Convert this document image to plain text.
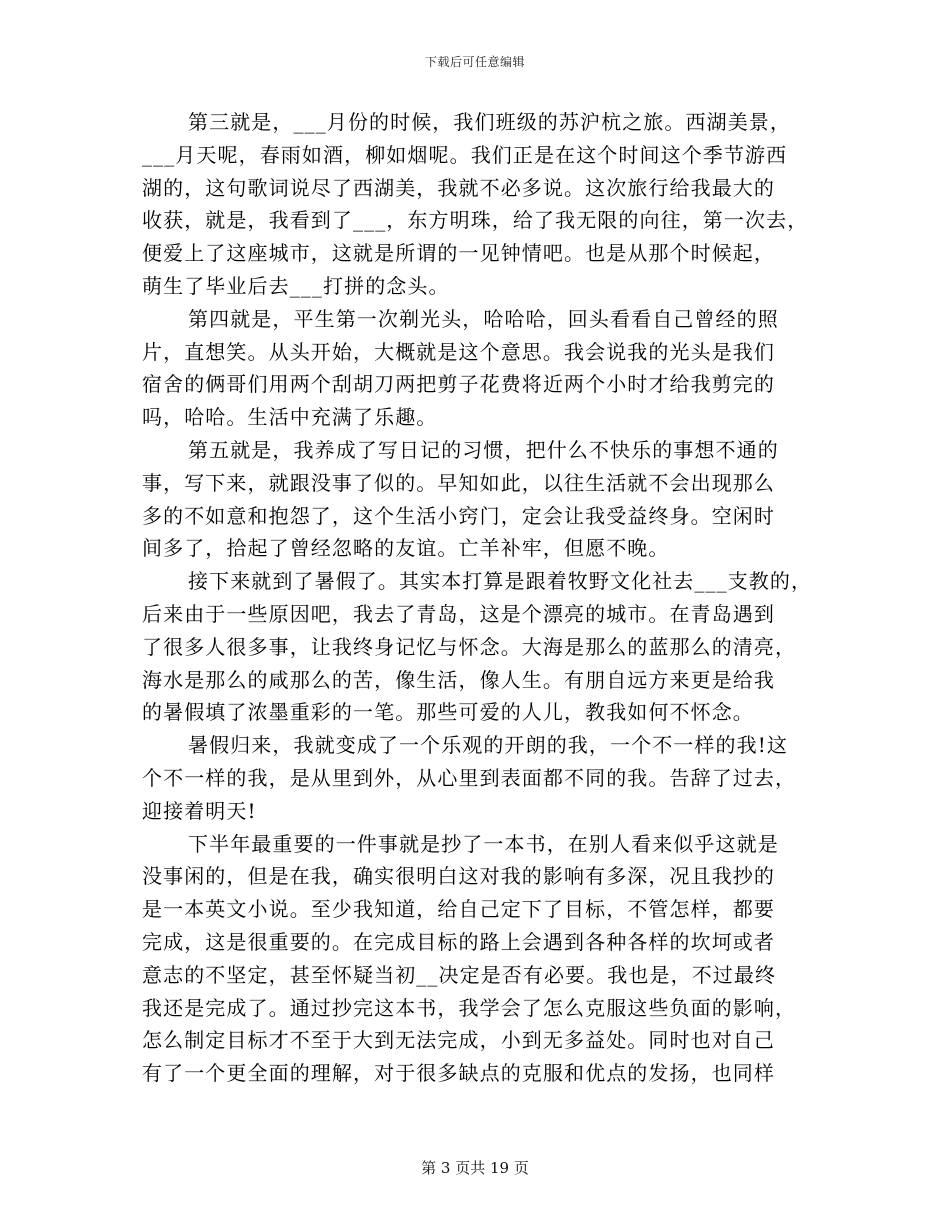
下载后可任意编辑
第三就是，___月份的时候，我们班级的苏沪杭之旅。西湖美景，
___月天呢，春雨如酒，柳如烟呢。我们正是在这个时间这个季节游西
湖的，这句歌词说尽了西湖美，我就不必多说。这次旅行给我最大的
收获，就是，我看到了___，东方明珠，给了我无限的向往，第一次去，
便爱上了这座城市，这就是所谓的一见钟情吧。也是从那个时候起，
萌生了毕业后去___打拼的念头。
第四就是，平生第一次剃光头，哈哈哈，回头看看自己曾经的照
片，直想笑。从头开始，大概就是这个意思。我会说我的光头是我们
宿舍的俩哥们用两个刮胡刀两把剪子花费将近两个小时才给我剪完的
吗，哈哈。生活中充满了乐趣。
第五就是，我养成了写日记的习惯，把什么不快乐的事想不通的
事，写下来，就跟没事了似的。早知如此，以往生活就不会出现那么
多的不如意和抱怨了，这个生活小窍门，定会让我受益终身。空闲时
间多了，拾起了曾经忽略的友谊。亡羊补牢，但愿不晚。
接下来就到了暑假了。其实本打算是跟着牧野文化社去___支教的，
后来由于一些原因吧，我去了青岛，这是个漂亮的城市。在青岛遇到
了很多人很多事，让我终身记忆与怀念。大海是那么的蓝那么的清亮，
海水是那么的咸那么的苦，像生活，像人生。有朋自远方来更是给我
的暑假填了浓墨重彩的一笔。那些可爱的人儿，教我如何不怀念。
暑假归来，我就变成了一个乐观的开朗的我，一个不一样的我!这
个不一样的我，是从里到外，从心里到表面都不同的我。告辞了过去，
迎接着明天!
下半年最重要的一件事就是抄了一本书，在别人看来似乎这就是
没事闲的，但是在我，确实很明白这对我的影响有多深，况且我抄的
是一本英文小说。至少我知道，给自己定下了目标，不管怎样，都要
完成，这是很重要的。在完成目标的路上会遇到各种各样的坎坷或者
意志的不坚定，甚至怀疑当初__决定是否有必要。我也是，不过最终
我还是完成了。通过抄完这本书，我学会了怎么克服这些负面的影响，
怎么制定目标才不至于大到无法完成，小到无多益处。同时也对自己
有了一个更全面的理解，对于很多缺点的克服和优点的发扬，也同样
第 3 页共 19 页
